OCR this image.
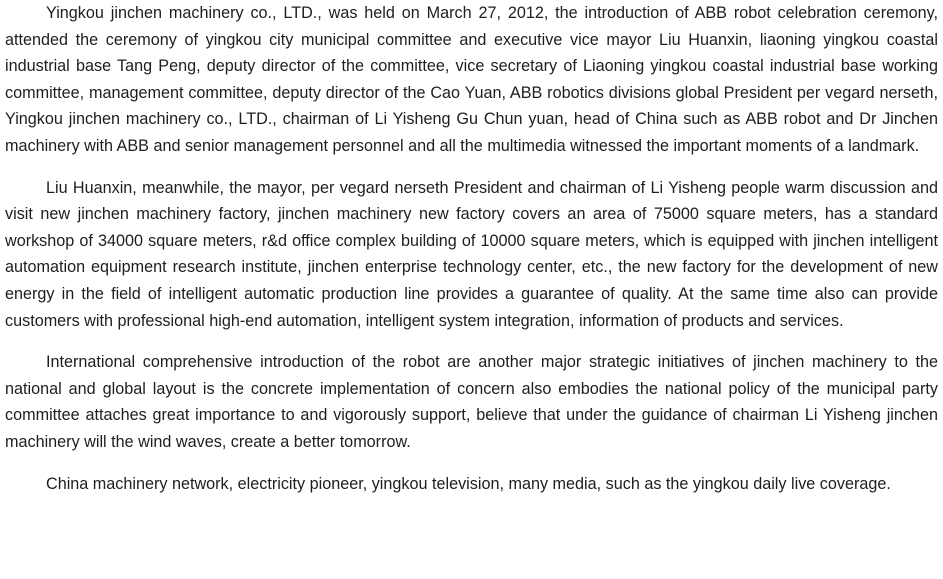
Yingkou jinchen machinery co., LTD., was held on March 27, 2012, the introduction of ABB robot celebration ceremony, attended the ceremony of yingkou city municipal committee and executive vice mayor Liu Huanxin, liaoning yingkou coastal industrial base Tang Peng, deputy director of the committee, vice secretary of Liaoning yingkou coastal industrial base working committee, management committee, deputy director of the Cao Yuan, ABB robotics divisions global President per vegard nerseth, Yingkou jinchen machinery co., LTD., chairman of Li Yisheng Gu Chun yuan, head of China such as ABB robot and Dr Jinchen machinery with ABB and senior management personnel and all the multimedia witnessed the important moments of a landmark.

Liu Huanxin, meanwhile, the mayor, per vegard nerseth President and chairman of Li Yisheng people warm discussion and visit new jinchen machinery factory, jinchen machinery new factory covers an area of 75000 square meters, has a standard workshop of 34000 square meters, r&d office complex building of 10000 square meters, which is equipped with jinchen intelligent automation equipment research institute, jinchen enterprise technology center, etc., the new factory for the development of new energy in the field of intelligent automatic production line provides a guarantee of quality. At the same time also can provide customers with professional high-end automation, intelligent system integration, information of products and services.

International comprehensive introduction of the robot are another major strategic initiatives of jinchen machinery to the national and global layout is the concrete implementation of concern also embodies the national policy of the municipal party committee attaches great importance to and vigorously support, believe that under the guidance of chairman Li Yisheng jinchen machinery will the wind waves, create a better tomorrow.

China machinery network, electricity pioneer, yingkou television, many media, such as the yingkou daily live coverage.
